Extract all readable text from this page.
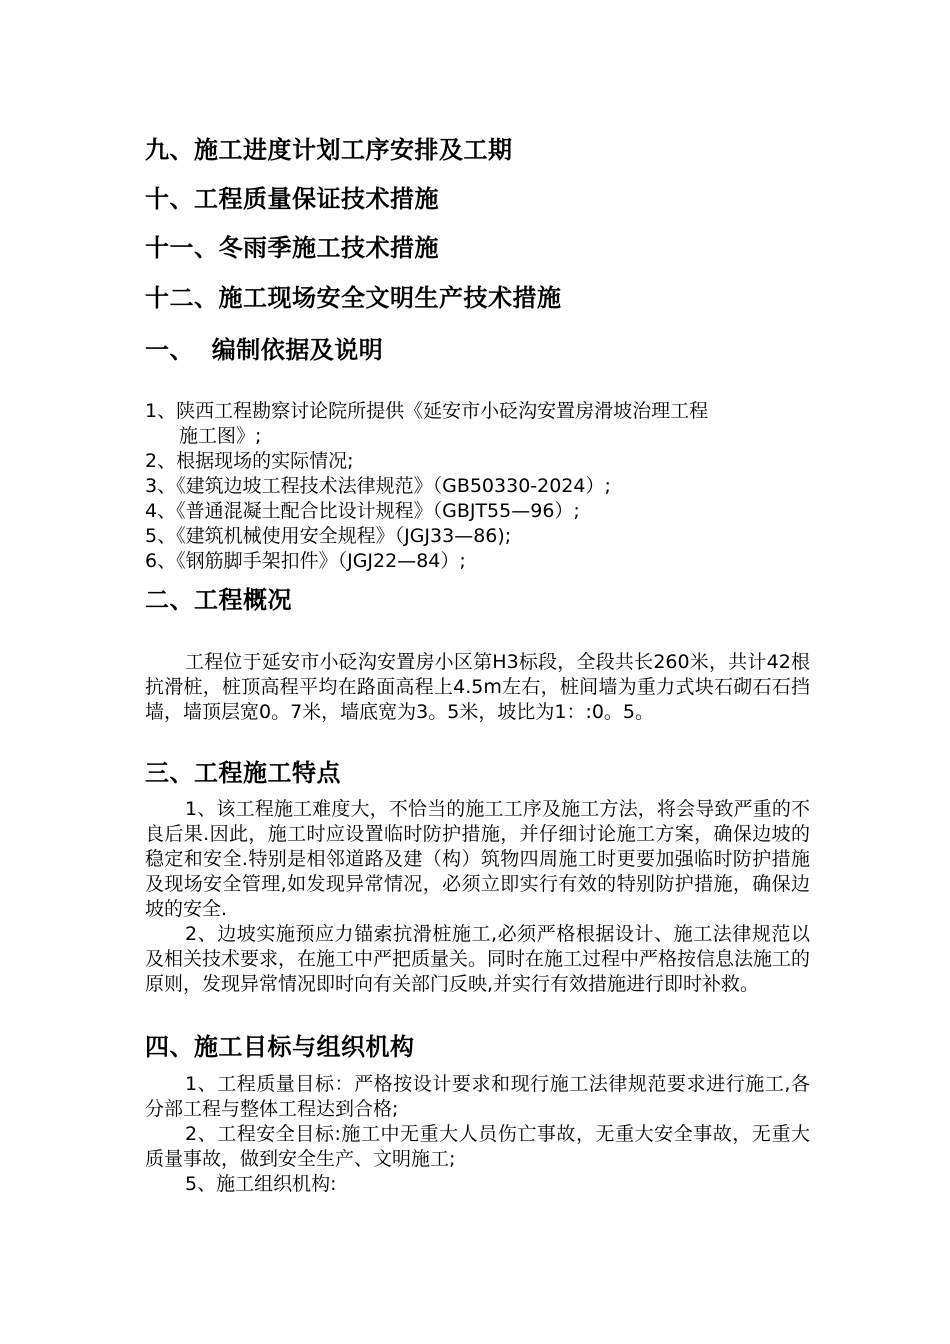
九、施工进度计划工序安排及工期
十、工程质量保证技术措施
十一、冬雨季施工技术措施
十二、施工现场安全文明生产技术措施
一、  编制依据及说明
1、陕西工程勘察讨论院所提供《延安市小砭沟安置房滑坡治理工程
施工图》;
2、根据现场的实际情况;
3、《建筑边坡工程技术法律规范》（GB50330-2024）;
4、《普通混凝土配合比设计规程》（GBJT55—96）;
5、《建筑机械使用安全规程》（JGJ33—86);
6、《钢筋脚手架扣件》（JGJ22—84）;
二、工程概况

工程位于延安市小砭沟安置房小区第H3标段，全段共长260米，共计42根抗滑桩，桩顶高程平均在路面高程上4.5m左右，桩间墙为重力式块石砌石石挡墙，墙顶层宽0。7米，墙底宽为3。5米，坡比为1：:0。5。

三、工程施工特点

1、该工程施工难度大，不恰当的施工工序及施工方法，将会导致严重的不良后果.因此，施工时应设置临时防护措施，并仔细讨论施工方案，确保边坡的稳定和安全.特别是相邻道路及建（构）筑物四周施工时更要加强临时防护措施及现场安全管理,如发现异常情况，必须立即实行有效的特别防护措施，确保边坡的安全.

2、边坡实施预应力锚索抗滑桩施工,必须严格根据设计、施工法律规范以及相关技术要求，在施工中严把质量关。同时在施工过程中严格按信息法施工的原则，发现异常情况即时向有关部门反映,并实行有效措施进行即时补救。

四、施工目标与组织机构

1、工程质量目标：严格按设计要求和现行施工法律规范要求进行施工,各分部工程与整体工程达到合格;

2、工程安全目标:施工中无重大人员伤亡事故，无重大安全事故，无重大质量事故，做到安全生产、文明施工;

5、施工组织机构:
